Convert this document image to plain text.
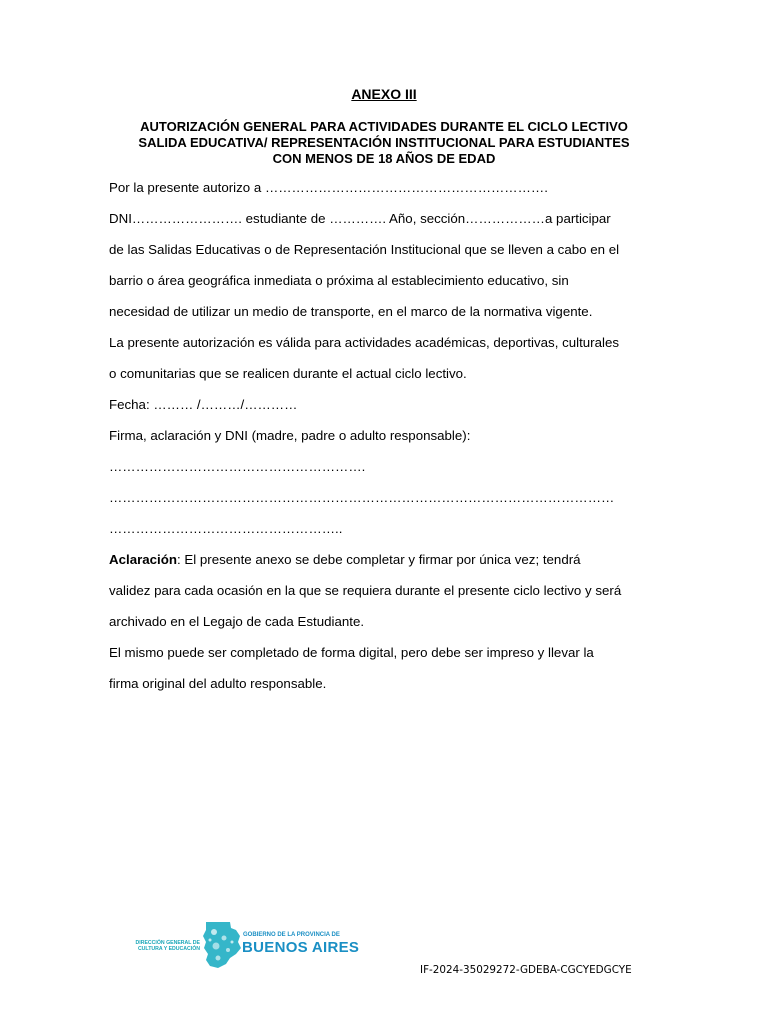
ANEXO III
AUTORIZACIÓN GENERAL PARA ACTIVIDADES DURANTE EL CICLO LECTIVO
SALIDA EDUCATIVA/ REPRESENTACIÓN INSTITUCIONAL PARA ESTUDIANTES
CON MENOS DE 18 AÑOS DE EDAD
Por la presente autorizo a ……………………………………………………….
DNI……………………. estudiante de …………. Año, sección………………a participar
de las Salidas Educativas o de Representación Institucional que se lleven a cabo en el
barrio o área geográfica inmediata o próxima al establecimiento educativo, sin
necesidad de utilizar un medio de transporte, en el marco de la normativa vigente.
La presente autorización es válida para actividades académicas, deportivas, culturales
o comunitarias que se realicen durante el actual ciclo lectivo.
Fecha: ……… /………/…………
Firma, aclaración y DNI (madre, padre o adulto responsable):
………………………………………………….
……………………………………………………………………………………………………
……………………………………………..
Aclaración: El presente anexo se debe completar y firmar por única vez; tendrá
validez para cada ocasión en la que se requiera durante el presente ciclo lectivo y será
archivado en el Legajo de cada Estudiante.
El mismo puede ser completado de forma digital, pero debe ser impreso y llevar la
firma original del adulto responsable.
DIRECCIÓN GENERAL DE
CULTURA Y EDUCACIÓN
GOBIERNO DE LA PROVINCIA DE
BUENOS AIRES
IF-2024-35029272-GDEBA-CGCYEDGCYE
